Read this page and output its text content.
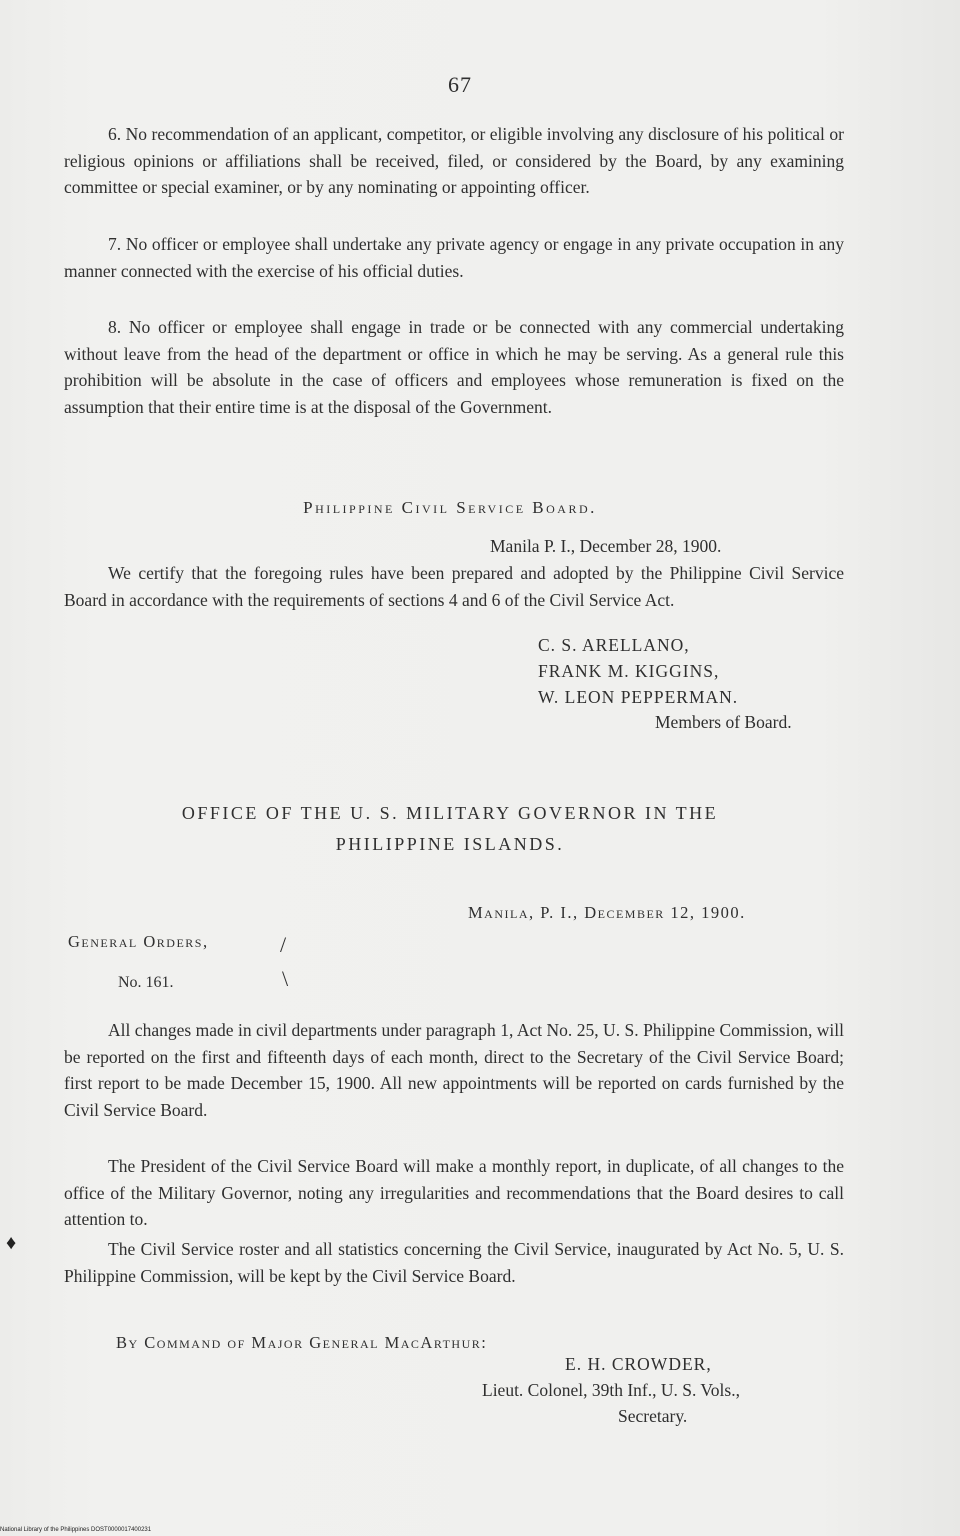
67

6. No recommendation of an applicant, competitor, or eligible involving any disclosure of his political or religious opinions or affiliations shall be received, filed, or considered by the Board, by any examining committee or special examiner, or by any nominating or appointing officer.

7. No officer or employee shall undertake any private agency or engage in any private occupation in any manner connected with the exercise of his official duties.

8. No officer or employee shall engage in trade or be connected with any commercial undertaking without leave from the head of the department or office in which he may be serving. As a general rule this prohibition will be absolute in the case of officers and employees whose remuneration is fixed on the assumption that their entire time is at the disposal of the Government.

Philippine Civil Service Board.
Manila P. I., December 28, 1900.

We certify that the foregoing rules have been prepared and adopted by the Philippine Civil Service Board in accordance with the requirements of sections 4 and 6 of the Civil Service Act.

C. S. ARELLANO,
FRANK M. KIGGINS,
W. LEON PEPPERMAN.
Members of Board.
OFFICE OF THE U. S. MILITARY GOVERNOR IN THE
PHILIPPINE ISLANDS.
Manila, P. I., December 12, 1900.
General Orders,
No. 161.
/
\

All changes made in civil departments under paragraph 1, Act No. 25, U. S. Philippine Commission, will be reported on the first and fifteenth days of each month, direct to the Secretary of the Civil Service Board; first report to be made December 15, 1900. All new appointments will be reported on cards furnished by the Civil Service Board.

The President of the Civil Service Board will make a monthly report, in duplicate, of all changes to the office of the Military Governor, noting any irregularities and recommendations that the Board desires to call attention to.

The Civil Service roster and all statistics concerning the Civil Service, inaugurated by Act No. 5, U. S. Philippine Commission, will be kept by the Civil Service Board.

By Command of Major General MacArthur:
E. H. CROWDER,
Lieut. Colonel, 39th Inf., U. S. Vols.,
Secretary.
♦
National Library of the Philippines DOST0000017400231
